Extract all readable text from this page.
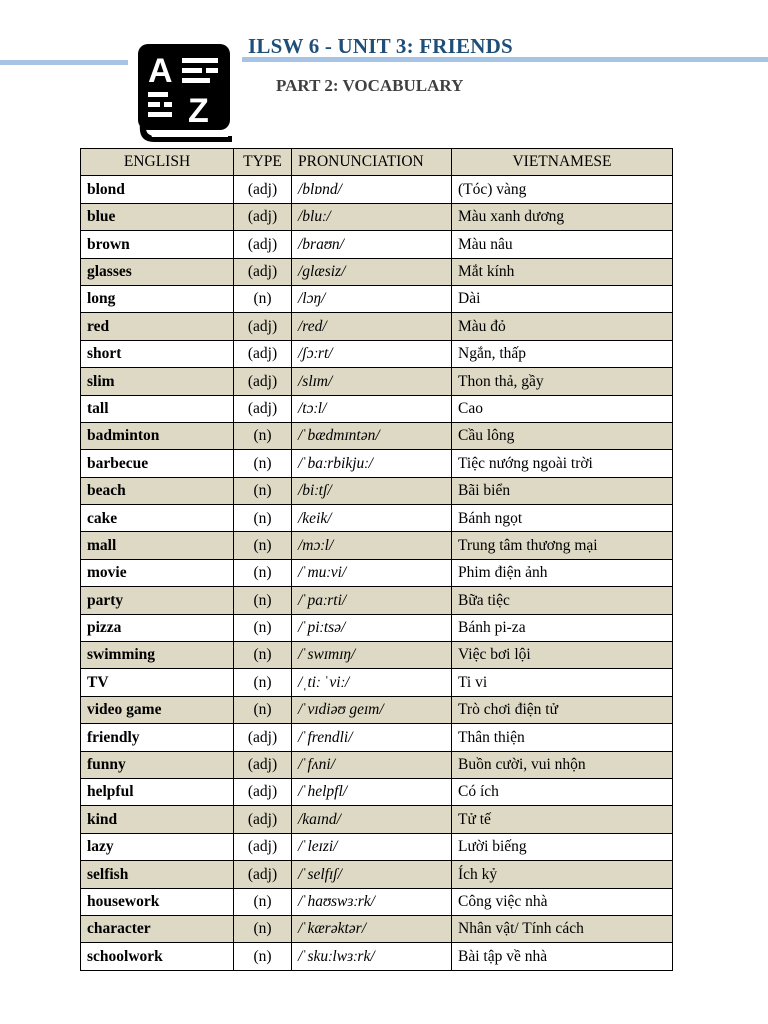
A
Z
ILSW 6 - UNIT 3: FRIENDS
PART 2: VOCABULARY
ENGLISH	TYPE	PRONUNCIATION	VIETNAMESE
blond	(adj)	/blɒnd/	(Tóc) vàng
blue	(adj)	/bluː/	Màu xanh dương
brown	(adj)	/braʊn/	Màu nâu
glasses	(adj)	/glæsiz/	Mắt kính
long	(n)	/lɔŋ/	Dài
red	(adj)	/red/	Màu đỏ
short	(adj)	/ʃɔːrt/	Ngắn, thấp
slim	(adj)	/slɪm/	Thon thả, gầy
tall	(adj)	/tɔːl/	Cao
badminton	(n)	/ˈbædmɪntən/	Cầu lông
barbecue	(n)	/ˈbaːrbikjuː/	Tiệc nướng ngoài trời
beach	(n)	/biːtʃ/	Bãi biển
cake	(n)	/keik/	Bánh ngọt
mall	(n)	/mɔːl/	Trung tâm thương mại
movie	(n)	/ˈmuːvi/	Phim điện ảnh
party	(n)	/ˈpaːrti/	Bữa tiệc
pizza	(n)	/ˈpiːtsə/	Bánh pi-za
swimming	(n)	/ˈswɪmɪŋ/	Việc bơi lội
TV	(n)	/ˌtiː ˈviː/	Ti vi
video game	(n)	/ˈvɪdiəʊ geɪm/	Trò chơi điện tử
friendly	(adj)	/ˈfrendli/	Thân thiện
funny	(adj)	/ˈfʌni/	Buồn cười, vui nhộn
helpful	(adj)	/ˈhelpfl/	Có ích
kind	(adj)	/kaɪnd/	Tử tế
lazy	(adj)	/ˈleɪzi/	Lười biếng
selfish	(adj)	/ˈselfɪʃ/	Ích kỷ
housework	(n)	/ˈhaʊswɜːrk/	Công việc nhà
character	(n)	/ˈkærəktər/	Nhân vật/ Tính cách
schoolwork	(n)	/ˈskuːlwɜːrk/	Bài tập về nhà
